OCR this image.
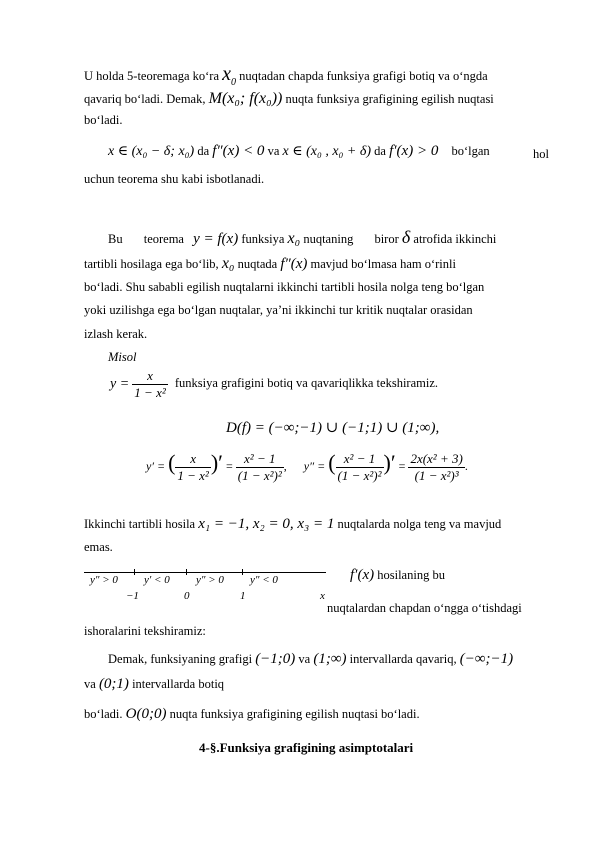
U holda 5-teoremaga ko‘ra $x_0$ nuqtadan chapda funksiya grafigi botiq va o‘ngda
qavariq bo‘ladi. Demak, M(x₀; f(x₀)) nuqta funksiya grafigining egilish nuqtasi
bo‘ladi.
x ∈ (x₀ − δ; x₀) da f″(x) < 0 va x ∈ (x₀ , x₀ + δ) da f′(x) > 0 bo‘lgan	hol
uchun teorema shu kabi isbotlanadi.
Bu teorema y = f(x) funksiya x₀ nuqtaning biror δ atrofida ikkinchi
tartibli hosilaga ega bo‘lib, x₀ nuqtada f″(x) mavjud bo‘lmasa ham o‘rinli
bo‘ladi. Shu sababli egilish nuqtalarni ikkinchi tartibli hosila nolga teng bo‘lgan
yoki uzilishga ega bo‘lgan nuqtalar, ya’ni ikkinchi tur kritik nuqtalar orasidan
izlash kerak.
Misol
$y = \frac{x}{\text{1 − x²}}$ funksiya grafigini botiq va qavariqlikka tekshiramiz.
D(f) = (−∞;−1) ∪ (−1;1) ∪ (1;∞),
y′ = ( $\frac{x}{\text{1 − x²}}$ )′ = $\frac{\text{x² − 1}}{\text{(1 − x²)²}}$ , y″ = ( $\frac{\text{x² − 1}}{\text{(1 − x²)²}}$ )′ = $\frac{\text{2x(x² + 3)}}{\text{(1 − x²)³}}$ .
Ikkinchi tartibli hosila x₁ = −1, x₂ = 0, x₃ = 1 nuqtalarda nolga teng va mavjud
emas.
y″ > 0 y′ < 0 y″ > 0 y″ < 0
−1	0	1	x
f′(x) hosilaning bu
nuqtalardan chapdan o‘ngga o‘tishdagi
ishoralarini tekshiramiz:
Demak, funksiyaning grafigi (−1;0) va (1;∞) intervallarda qavariq, (−∞;−1)
va (0;1) intervallarda botiq
bo‘ladi. O(0;0) nuqta funksiya grafigining egilish nuqtasi bo‘ladi.
4-§.Funksiya grafigining asimptotalari
